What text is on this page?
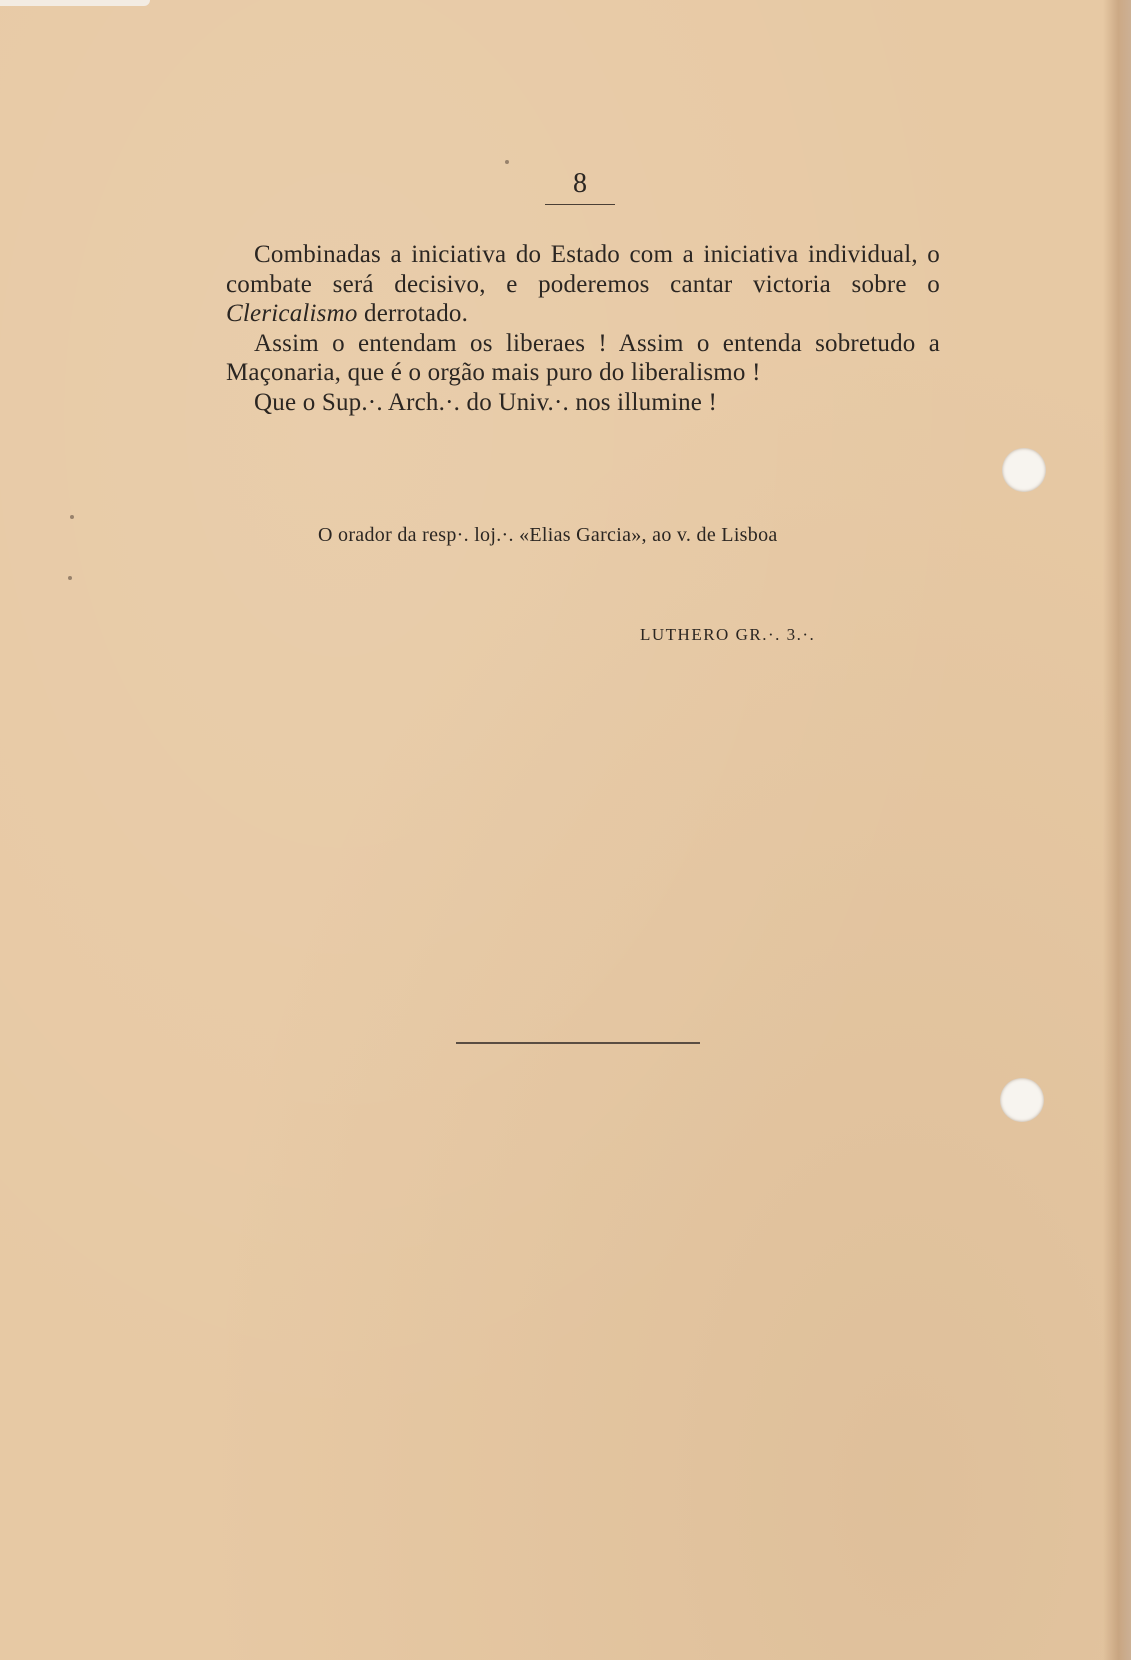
8

Combinadas a iniciativa do Estado com a iniciativa individual, o combate será decisivo, e poderemos cantar victoria sobre o Clericalismo derrotado.

Assim o entendam os liberaes ! Assim o entenda sobretudo a Maçonaria, que é o orgão mais puro do liberalismo !

Que o Sup.·. Arch.·. do Univ.·. nos illumine !

O orador da resp·. loj.·. «Elias Garcia», ao v. de Lisboa
LUTHERO GR.·. 3.·.
